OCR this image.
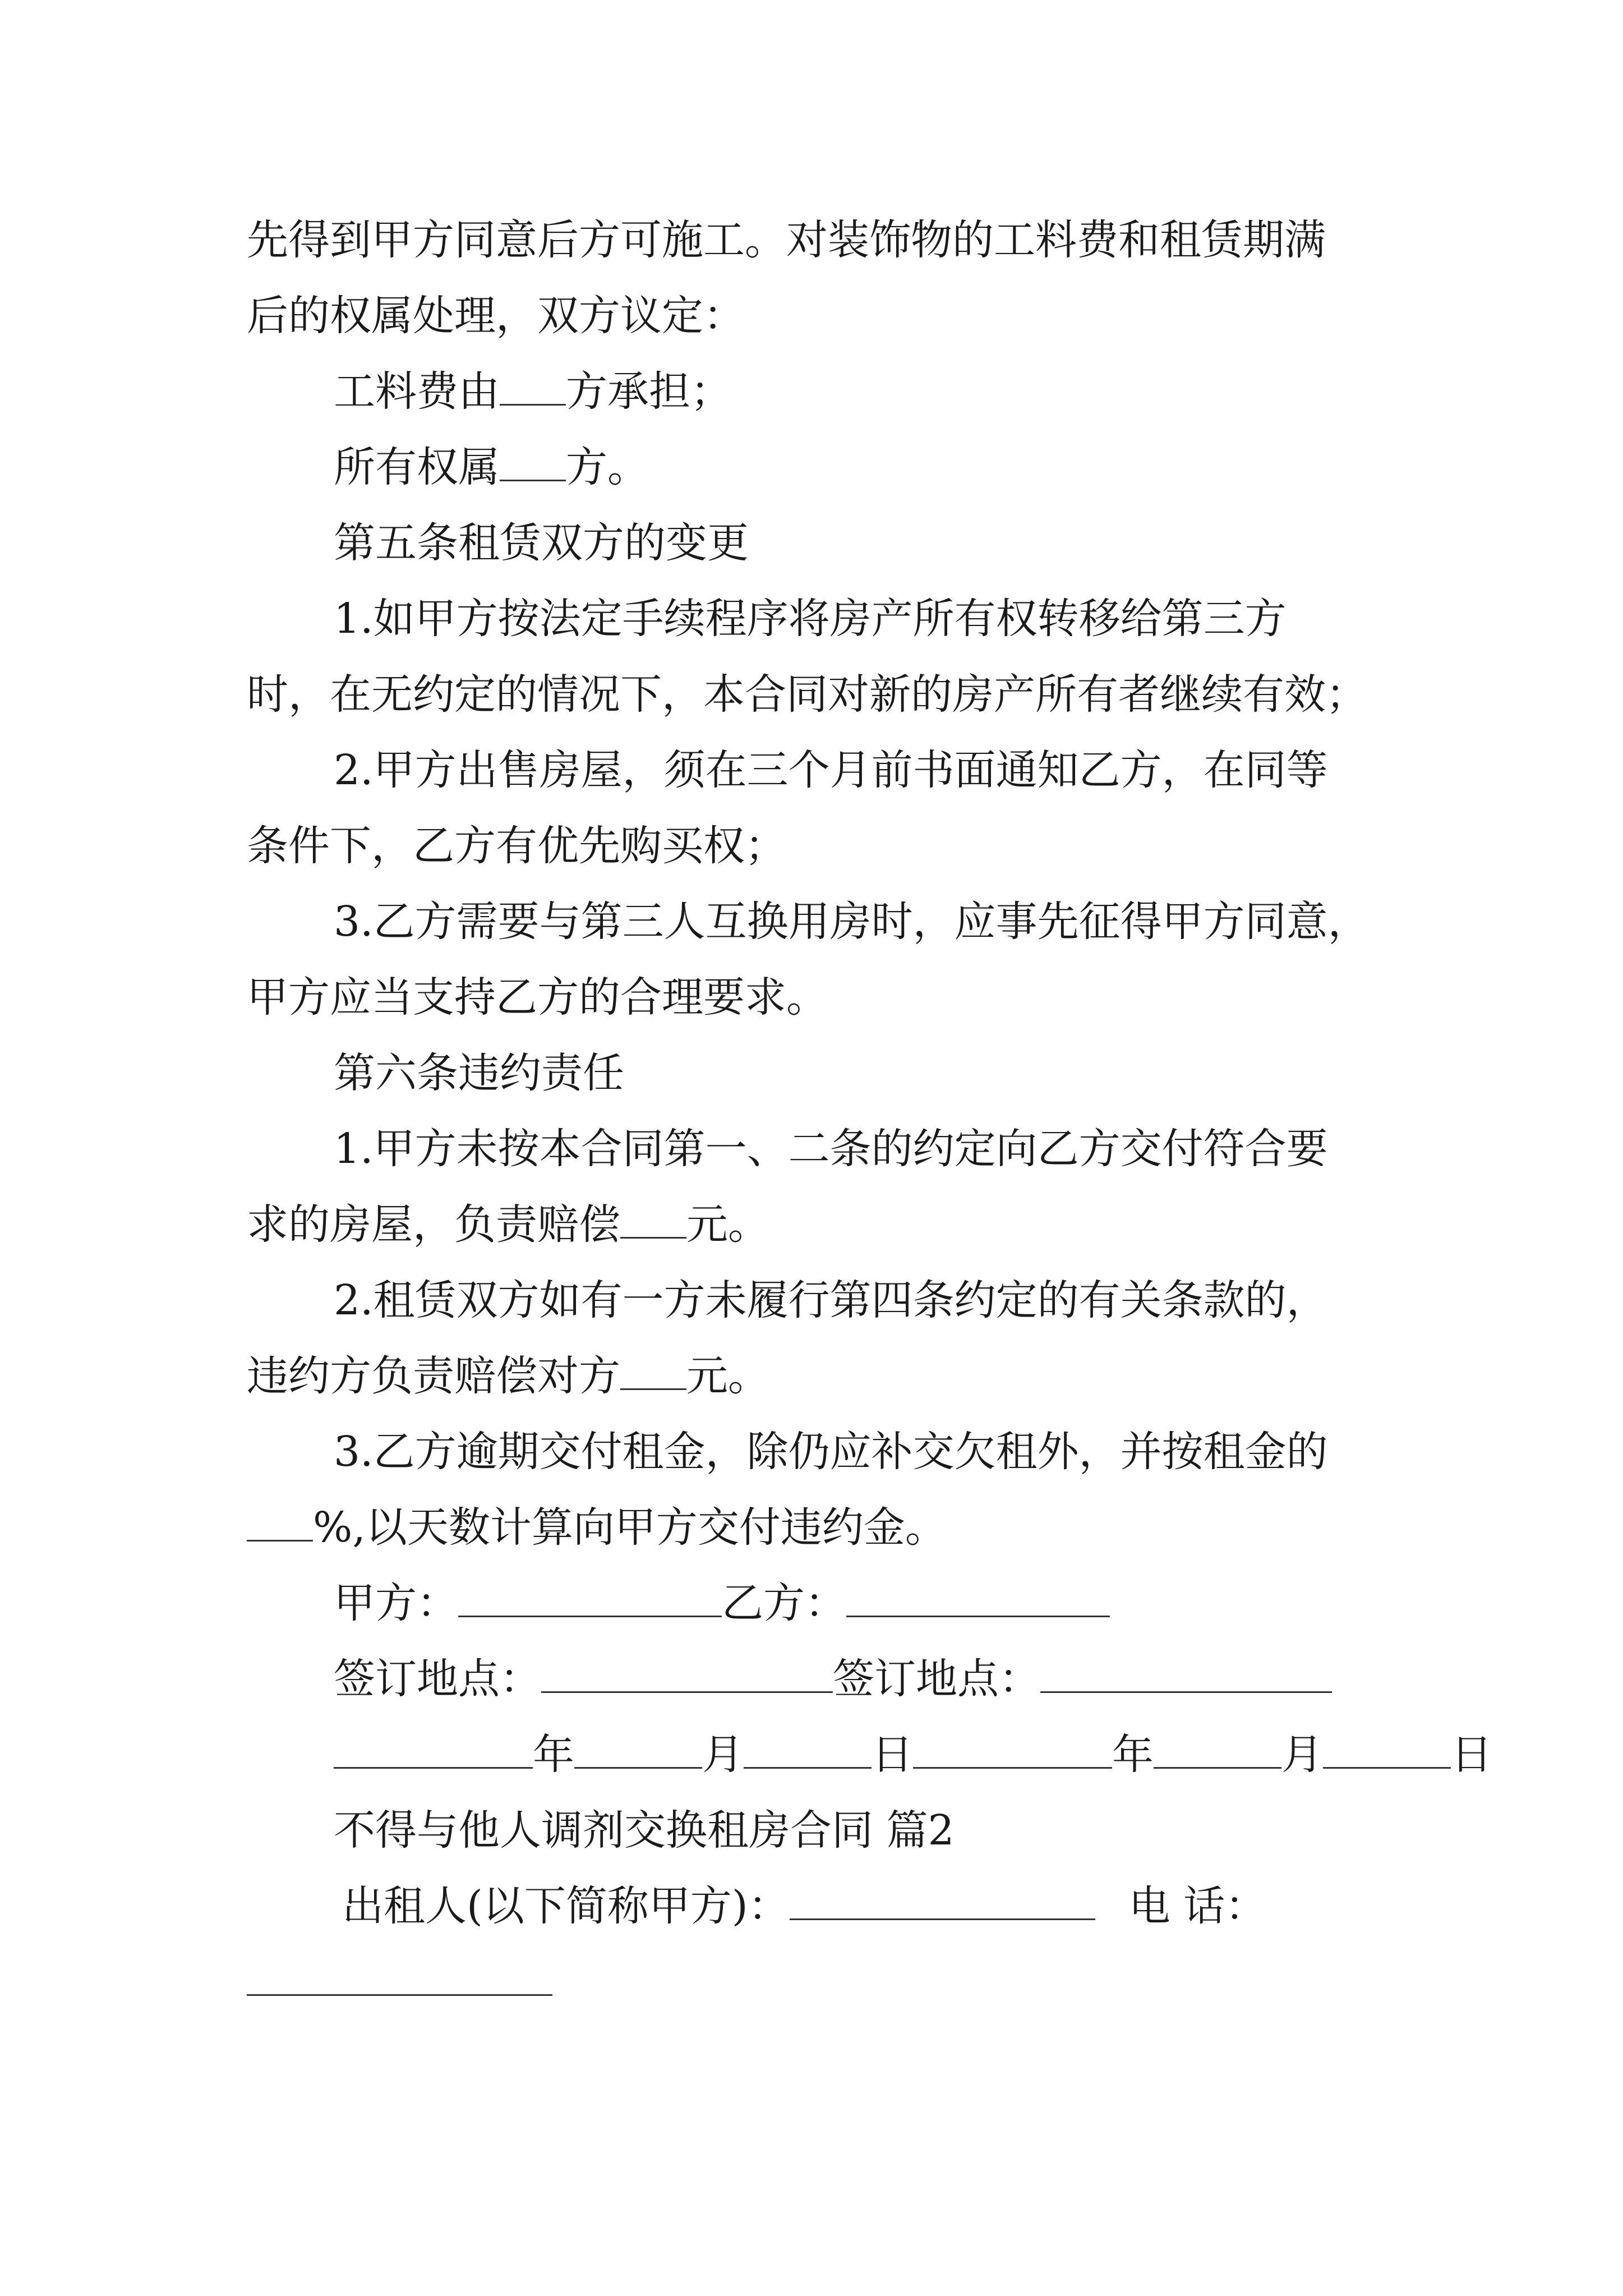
先得到甲方同意后方可施工。对装饰物的工料费和租赁期满
后的权属处理，双方议定：
工料费由 方承担；
所有权属 方。
第五条租赁双方的变更
1.如甲方按法定手续程序将房产所有权转移给第三方
时，在无约定的情况下，本合同对新的房产所有者继续有效；
2.甲方出售房屋，须在三个月前书面通知乙方，在同等
条件下，乙方有优先购买权；
3.乙方需要与第三人互换用房时，应事先征得甲方同意，
甲方应当支持乙方的合理要求。
第六条违约责任
1.甲方未按本合同第一、二条的约定向乙方交付符合要
求的房屋，负责赔偿 元。
2.租赁双方如有一方未履行第四条约定的有关条款的，
违约方负责赔偿对方 元。
3.乙方逾期交付租金，除仍应补交欠租外，并按租金的
%,以天数计算向甲方交付违约金。
甲方：	乙方：
签订地点：	签订地点：
年	月	日	年	月	日
不得与他人调剂交换租房合同 篇2
出租人(以下简称甲方)：	电 话：
